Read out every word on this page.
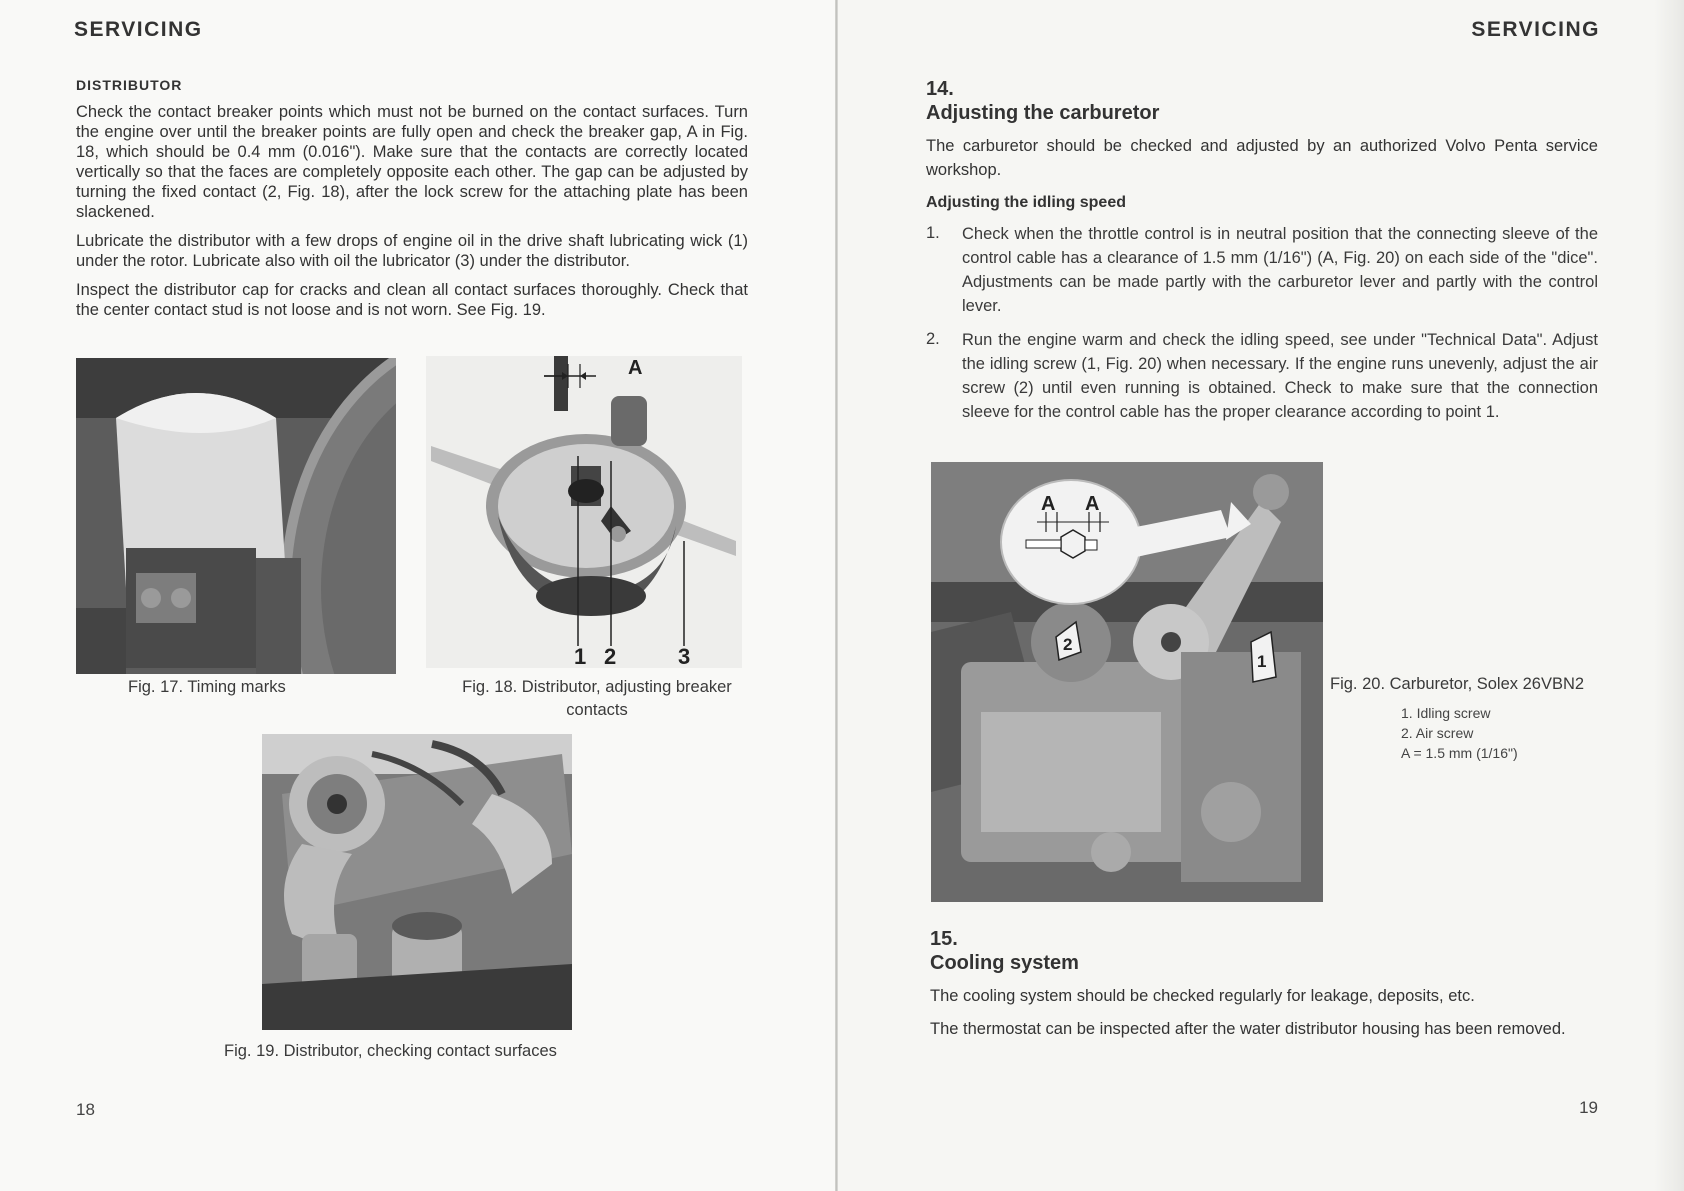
SERVICING
DISTRIBUTOR

Check the contact breaker points which must not be burned on the contact surfaces. Turn the engine over until the breaker points are fully open and check the breaker gap, A in Fig. 18, which should be 0.4 mm (0.016"). Make sure that the contacts are correctly located vertically so that the faces are completely opposite each other. The gap can be adjusted by turning the fixed contact (2, Fig. 18), after the lock screw for the attaching plate has been slackened.

Lubricate the distributor with a few drops of engine oil in the drive shaft lubricating wick (1) under the rotor. Lubricate also with oil the lubricator (3) under the distributor.

Inspect the distributor cap for cracks and clean all contact surfaces thoroughly. Check that the center contact stud is not loose and is not worn. See Fig. 19.

Fig. 17. Timing marks
1 2	3
A
Fig. 18. Distributor, adjusting breaker contacts
Fig. 19. Distributor, checking contact surfaces
18
SERVICING
14.
Adjusting the carburetor
The carburetor should be checked and adjusted by an authorized Volvo Penta service workshop.
Adjusting the idling speed
1. Check when the throttle control is in neutral position that the connecting sleeve of the control cable has a clearance of 1.5 mm (1/16") (A, Fig. 20) on each side of the "dice". Adjustments can be made partly with the carburetor lever and partly with the control lever.
2. Run the engine warm and check the idling speed, see under "Technical Data". Adjust the idling screw (1, Fig. 20) when necessary. If the engine runs unevenly, adjust the air screw (2) until even running is obtained. Check to make sure that the connection sleeve for the control cable has the proper clearance according to point 1.
A A
2
1
Fig. 20. Carburetor, Solex 26VBN2
1. Idling screw
2. Air screw
A = 1.5 mm (1/16")
15.
Cooling system

The cooling system should be checked regularly for leakage, deposits, etc.

The thermostat can be inspected after the water distributor housing has been removed.

19
